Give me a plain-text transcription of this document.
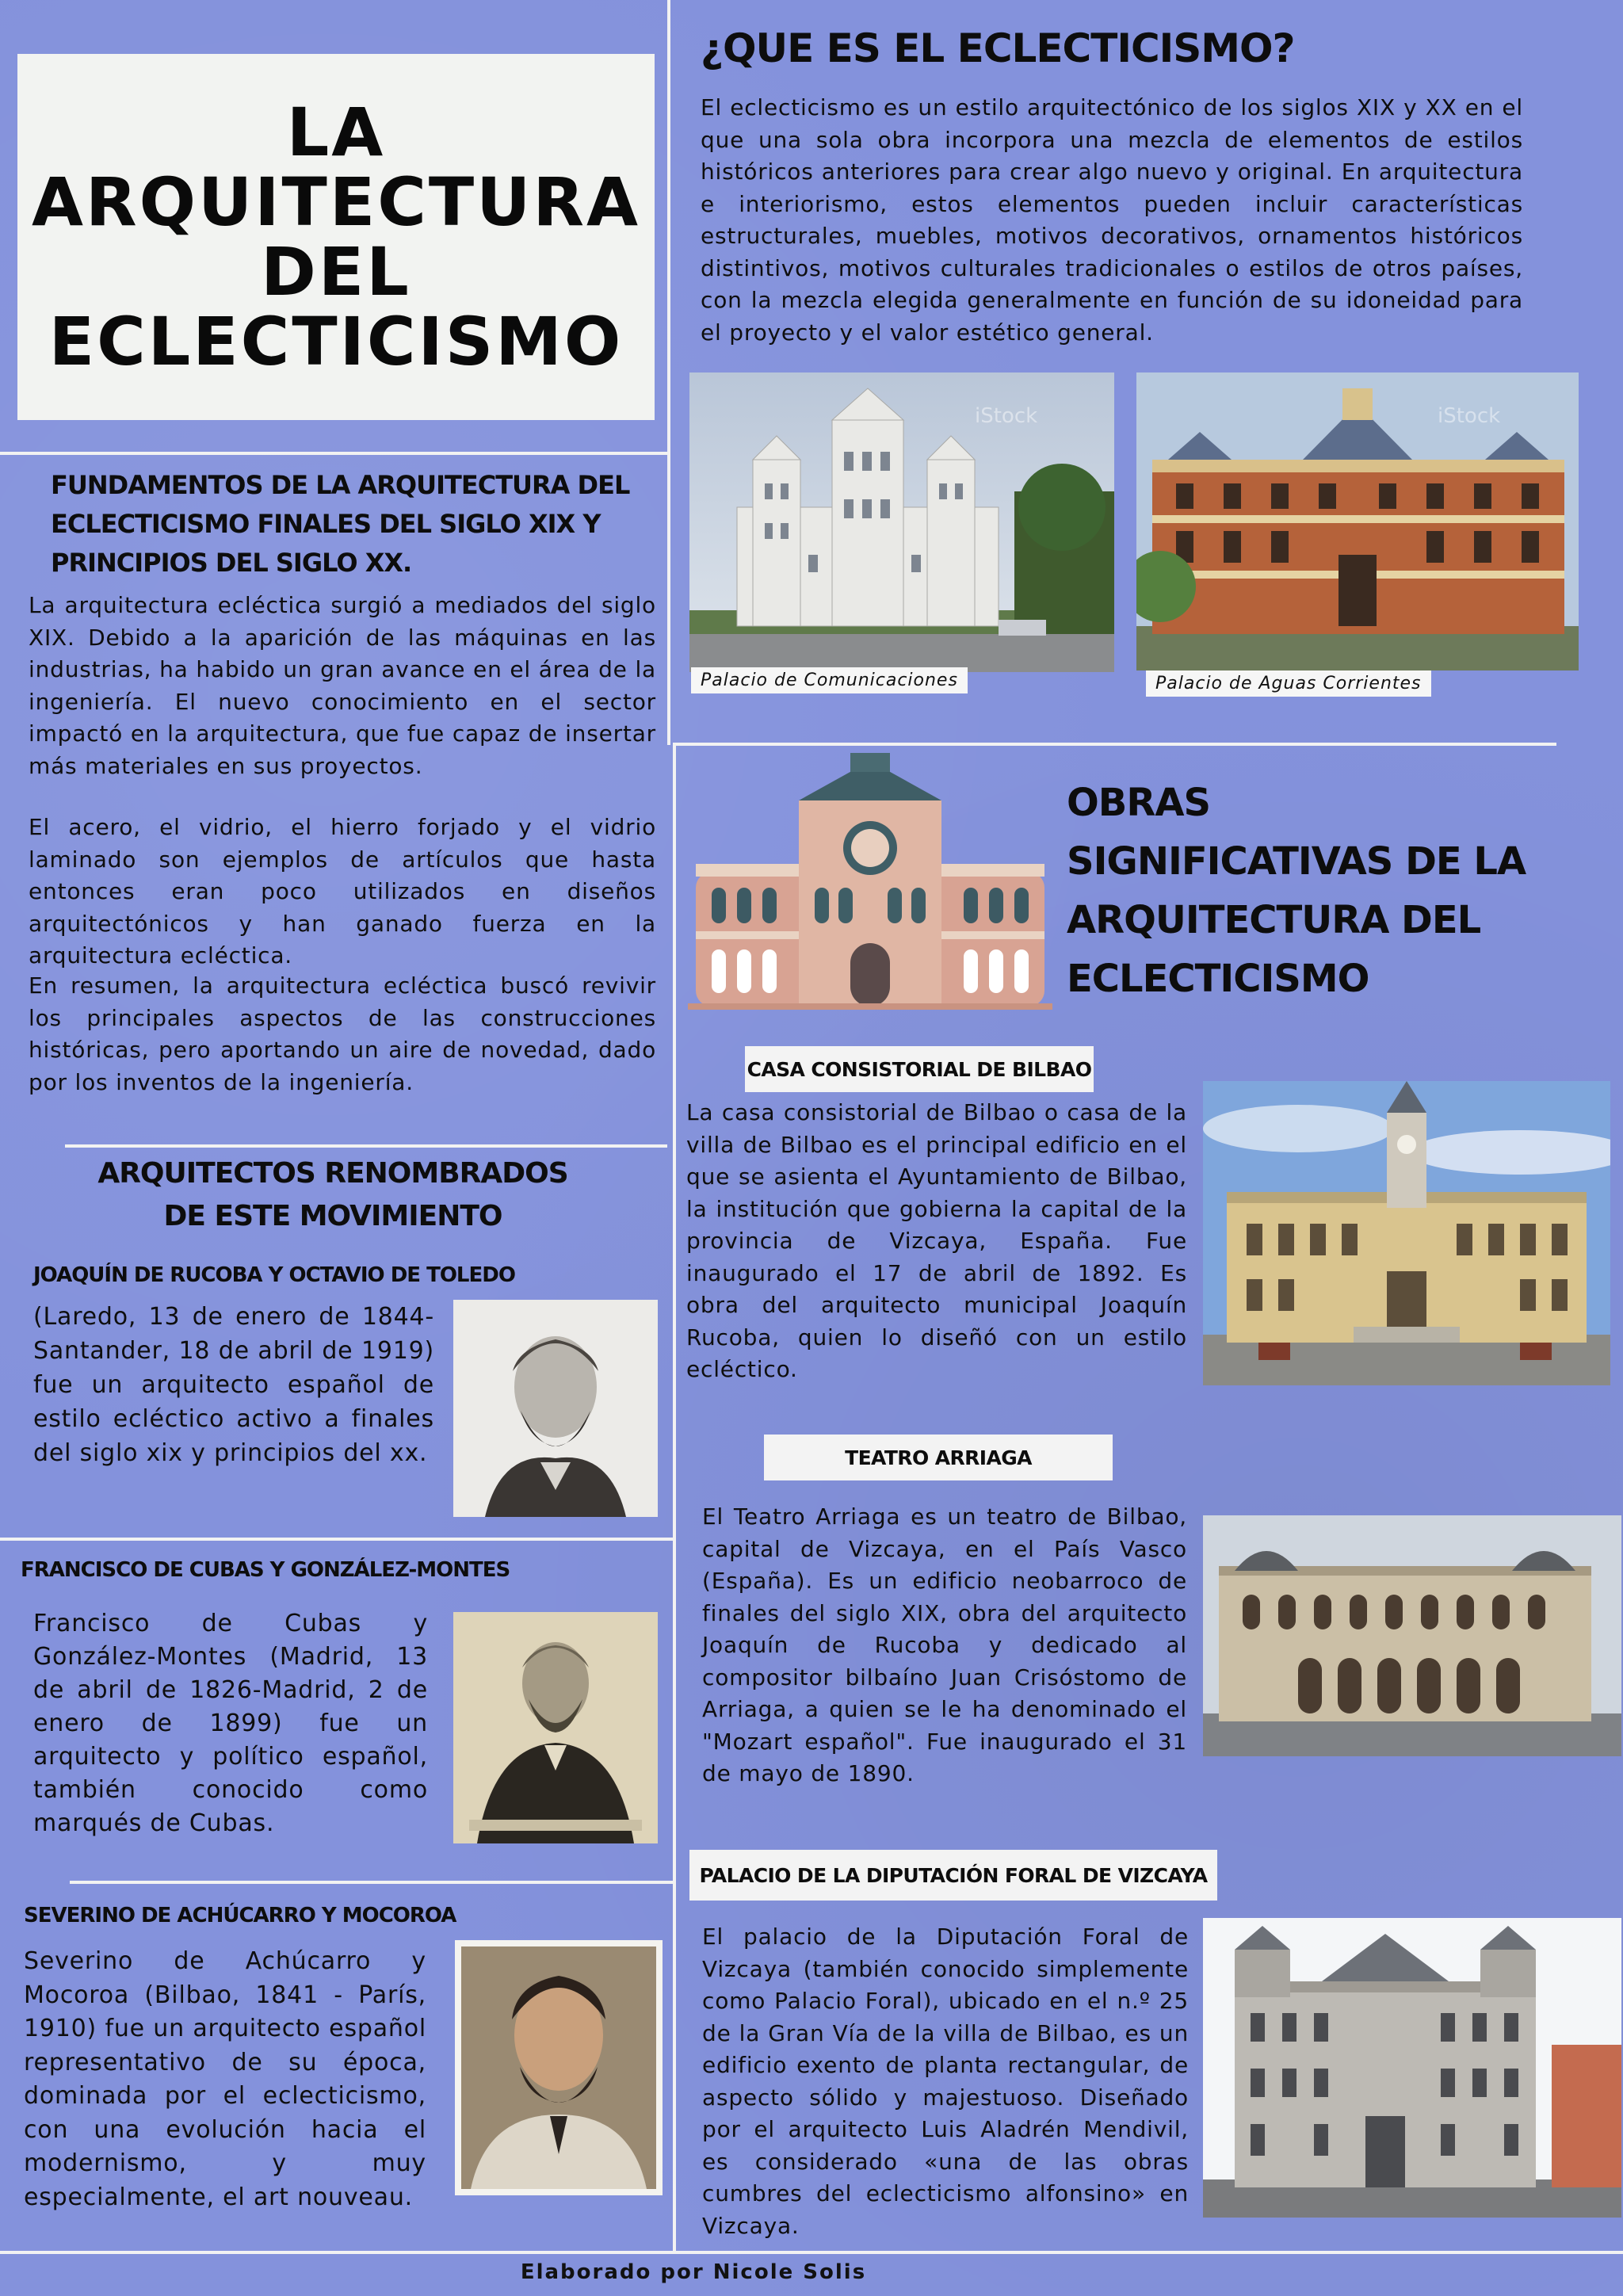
LA
ARQUITECTURA
DEL
ECLECTICISMO
¿QUE ES EL ECLECTICISMO?
El eclecticismo es un estilo arquitectónico de los siglos XIX y XX en el que una sola obra incorpora una mezcla de elementos de estilos históricos anteriores para crear algo nuevo y original. En arquitectura e interiorismo, estos elementos pueden incluir características estructurales, muebles, motivos decorativos, ornamentos históricos distintivos, motivos culturales tradicionales o estilos de otros países, con la mezcla elegida generalmente en función de su idoneidad para el proyecto y el valor estético general.
iStock
Palacio de Comunicaciones
iStock
Palacio de Aguas Corrientes
FUNDAMENTOS DE LA ARQUITECTURA DEL ECLECTICISMO FINALES DEL SIGLO XIX Y PRINCIPIOS DEL SIGLO XX.
La arquitectura ecléctica surgió a mediados del siglo XIX. Debido a la aparición de las máquinas en las industrias, ha habido un gran avance en el área de la ingeniería. El nuevo conocimiento en el sector impactó en la arquitectura, que fue capaz de insertar más materiales en sus proyectos.
El acero, el vidrio, el hierro forjado y el vidrio laminado son ejemplos de artículos que hasta entonces eran poco utilizados en diseños arquitectónicos y han ganado fuerza en la arquitectura ecléctica.
En resumen, la arquitectura ecléctica buscó revivir los principales aspectos de las construcciones históricas, pero aportando un aire de novedad, dado por los inventos de la ingeniería.
ARQUITECTOS RENOMBRADOS
DE ESTE MOVIMIENTO
JOAQUÍN DE RUCOBA Y OCTAVIO DE TOLEDO
(Laredo, 13 de enero de 1844-Santander, 18 de abril de 1919) fue un arquitecto español de estilo ecléctico activo a finales del siglo xix y principios del xx.
FRANCISCO DE CUBAS Y GONZÁLEZ-MONTES
Francisco de Cubas y González-Montes (Madrid, 13 de abril de 1826-Madrid, 2 de enero de 1899) fue un arquitecto y político español, también conocido como marqués de Cubas.
SEVERINO DE ACHÚCARRO Y MOCOROA
Severino de Achúcarro y Mocoroa (Bilbao, 1841 - París, 1910) fue un arquitecto español representativo de su época, dominada por el eclecticismo, con una evolución hacia el modernismo, y muy especialmente, el art nouveau.
OBRAS
SIGNIFICATIVAS DE LA
ARQUITECTURA DEL
ECLECTICISMO
CASA CONSISTORIAL DE BILBAO
La casa consistorial de Bilbao o casa de la villa de Bilbao es el principal edificio en el que se asienta el Ayuntamiento de Bilbao, la institución que gobierna la capital de la provincia de Vizcaya, España. Fue inaugurado el 17 de abril de 1892. Es obra del arquitecto municipal Joaquín Rucoba, quien lo diseñó con un estilo ecléctico.
TEATRO ARRIAGA
El Teatro Arriaga es un teatro de Bilbao, capital de Vizcaya, en el País Vasco (España). Es un edificio neobarroco de finales del siglo XIX, obra del arquitecto Joaquín de Rucoba y dedicado al compositor bilbaíno Juan Crisóstomo de Arriaga, a quien se le ha denominado el "Mozart español". Fue inaugurado el 31 de mayo de 1890.
PALACIO DE LA DIPUTACIÓN FORAL DE VIZCAYA
El palacio de la Diputación Foral de Vizcaya (también conocido simplemente como Palacio Foral), ubicado en el n.º 25 de la Gran Vía de la villa de Bilbao, es un edificio exento de planta rectangular, de aspecto sólido y majestuoso. Diseñado por el arquitecto Luis Aladrén Mendivil, es considerado «una de las obras cumbres del eclecticismo alfonsino» en Vizcaya.
Elaborado por Nicole Solis
